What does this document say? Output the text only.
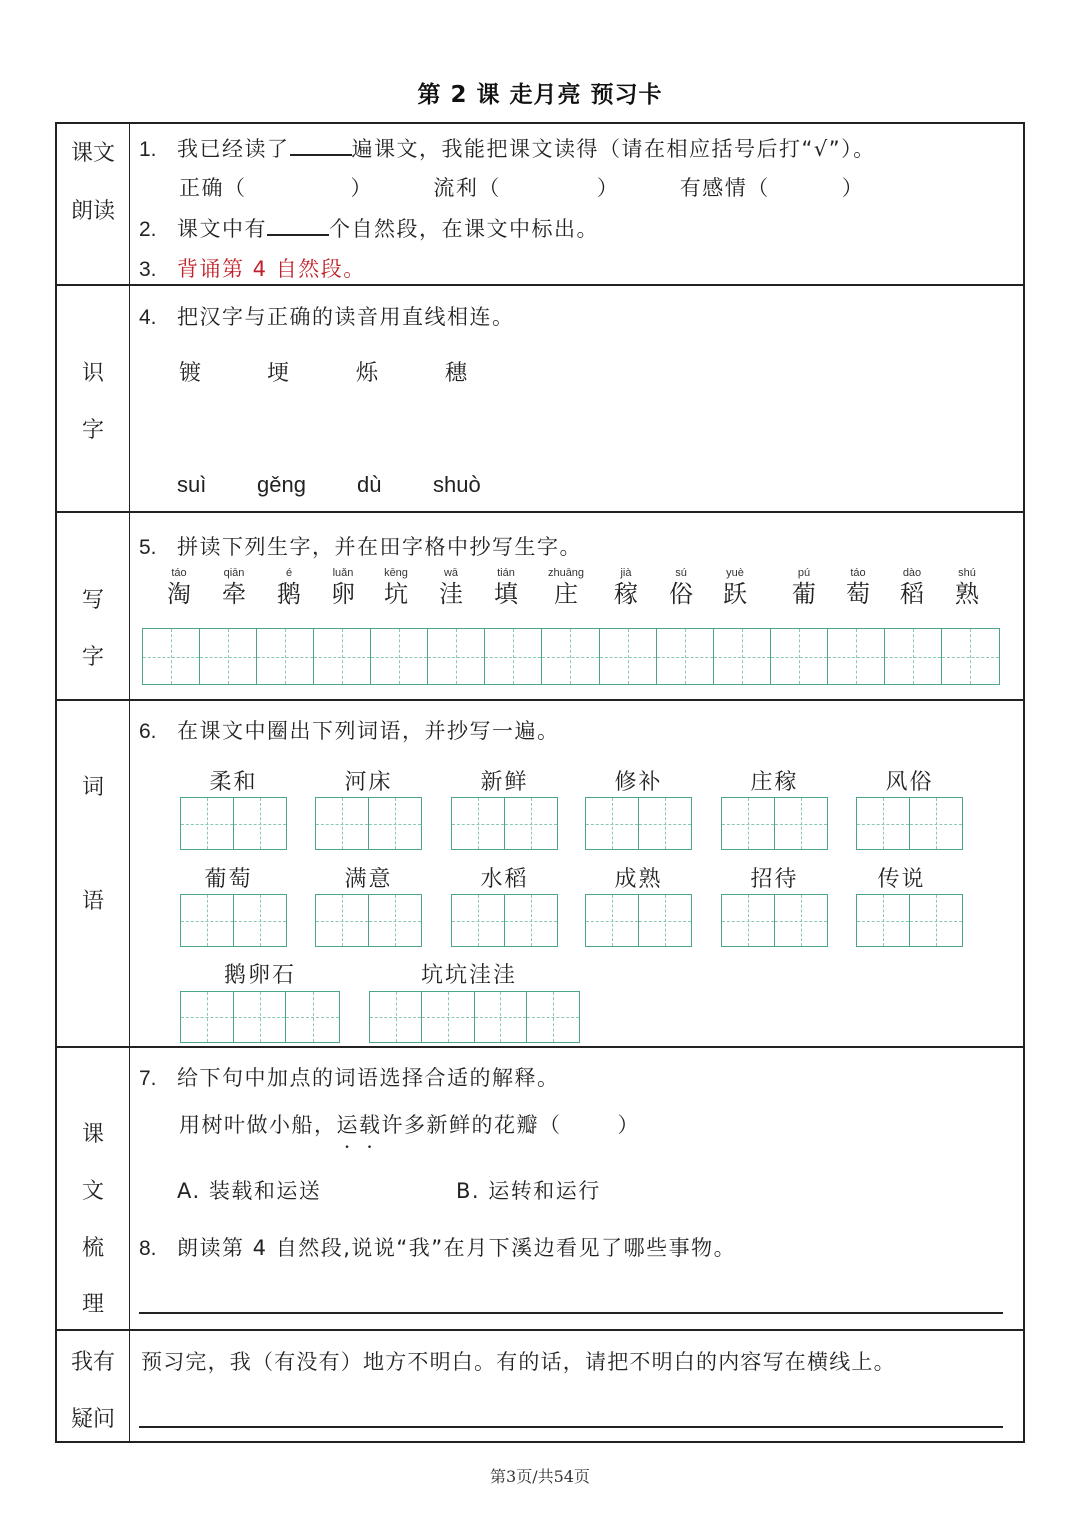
第 2 课 走月亮 预习卡
课文
朗读
1. 我已经读了	遍课文，我能把课文读得（请在相应括号后打“√”）。
正确（	）	流利（	）	有感情（	）
2. 课文中有	个自然段，在课文中标出。
3. 背诵第 4 自然段。
识
字
4. 把汉字与正确的读音用直线相连。
镀	埂	烁	穗
suì gěng dù shuò
写
字
5. 拼读下列生字，并在田字格中抄写生字。
táo
淘
qiān
牵
é
鹅
luǎn
卵
kēng
坑
wā
洼
tián
填
zhuāng
庄
jià
稼
sú
俗
yuè
跃
pú
葡
táo
萄
dào
稻
shú
熟
词
语
6. 在课文中圈出下列词语，并抄写一遍。
柔和	河床	新鲜	修补	庄稼	风俗
葡萄	满意	水稻	成熟	招待	传说
鹅卵石	坑坑洼洼
课
文
梳
理
7. 给下句中加点的词语选择合适的解释。
用树叶做小船，运载许多新鲜的花瓣（	）
A. 装载和运送	B. 运转和运行
8. 朗读第 4 自然段,说说“我”在月下溪边看见了哪些事物。
我有
疑问
预习完，我（有没有）地方不明白。有的话，请把不明白的内容写在横线上。
第3页/共54页
